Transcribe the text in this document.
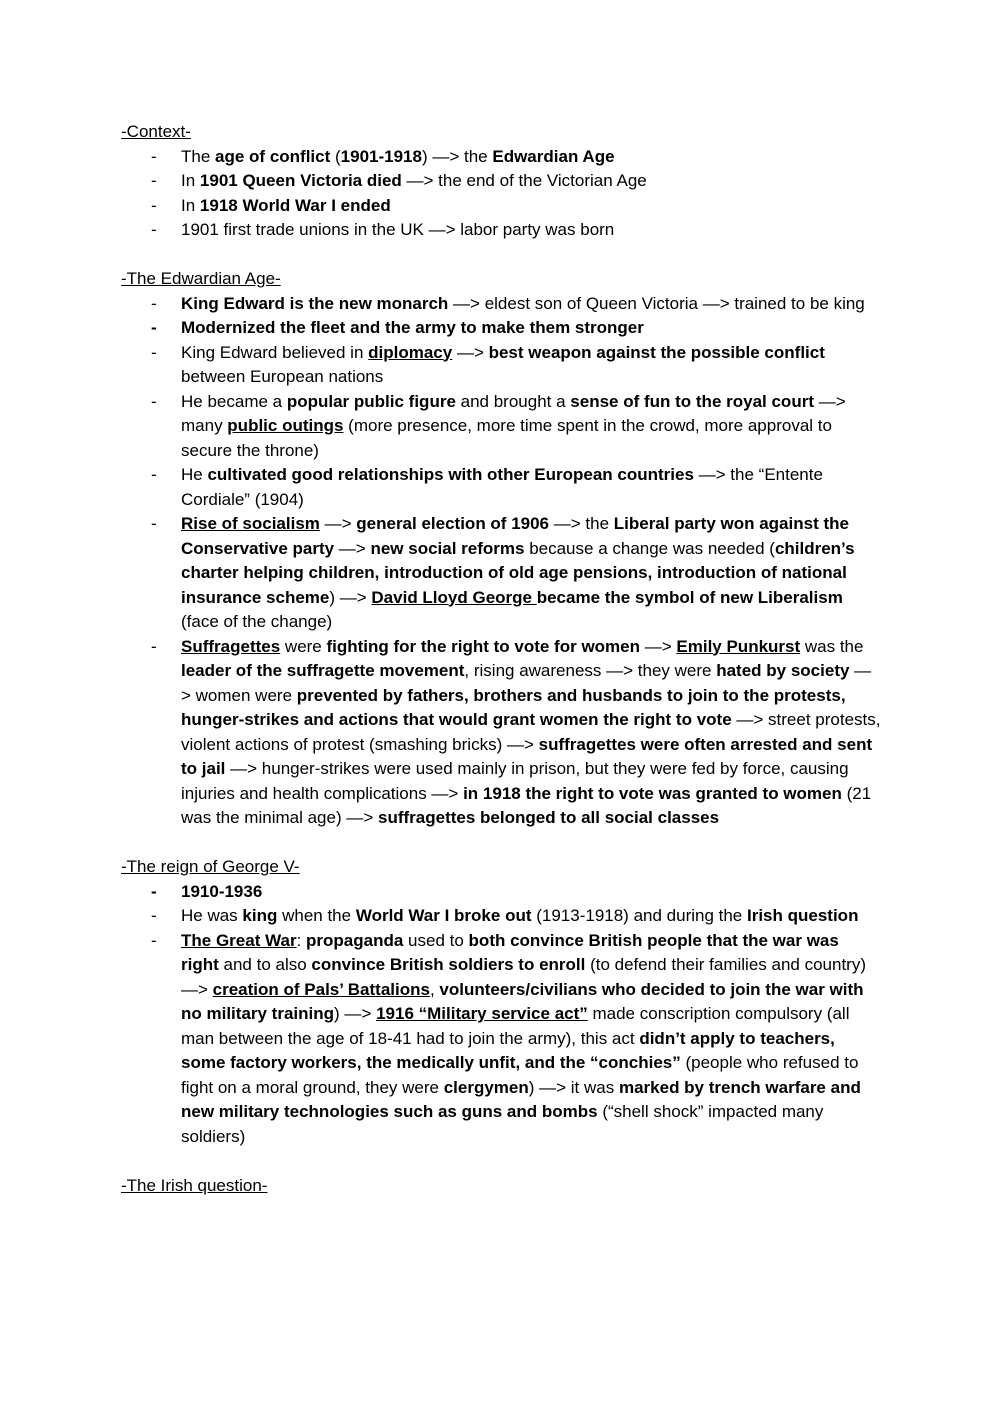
-Context-
- The age of conflict (1901-1918) —> the Edwardian Age
- In 1901 Queen Victoria died —> the end of the Victorian Age
- In 1918 World War I ended
- 1901 first trade unions in the UK —> labor party was born
-The Edwardian Age-
- King Edward is the new monarch —> eldest son of Queen Victoria —> trained to be king
- Modernized the fleet and the army to make them stronger
- King Edward believed in diplomacy —> best weapon against the possible conflict between European nations
- He became a popular public figure and brought a sense of fun to the royal court —> many public outings (more presence, more time spent in the crowd, more approval to secure the throne)
- He cultivated good relationships with other European countries —> the “Entente Cordiale” (1904)
- Rise of socialism —> general election of 1906 —> the Liberal party won against the Conservative party —> new social reforms because a change was needed (children’s charter helping children, introduction of old age pensions, introduction of national insurance scheme) —> David Lloyd George became the symbol of new Liberalism (face of the change)
- Suffragettes were fighting for the right to vote for women —> Emily Punkurst was the leader of the suffragette movement, rising awareness —> they were hated by society —> women were prevented by fathers, brothers and husbands to join to the protests, hunger-strikes and actions that would grant women the right to vote —> street protests, violent actions of protest (smashing bricks) —> suffragettes were often arrested and sent to jail —> hunger-strikes were used mainly in prison, but they were fed by force, causing injuries and health complications —> in 1918 the right to vote was granted to women (21 was the minimal age) —> suffragettes belonged to all social classes
-The reign of George V-
- 1910-1936
- He was king when the World War I broke out (1913-1918) and during the Irish question
- The Great War: propaganda used to both convince British people that the war was right and to also convince British soldiers to enroll (to defend their families and country) —> creation of Pals’ Battalions, volunteers/civilians who decided to join the war with no military training) —> 1916 “Military service act” made conscription compulsory (all man between the age of 18-41 had to join the army), this act didn’t apply to teachers, some factory workers, the medically unfit, and the “conchies” (people who refused to fight on a moral ground, they were clergymen) —> it was marked by trench warfare and new military technologies such as guns and bombs (“shell shock” impacted many soldiers)
-The Irish question-
